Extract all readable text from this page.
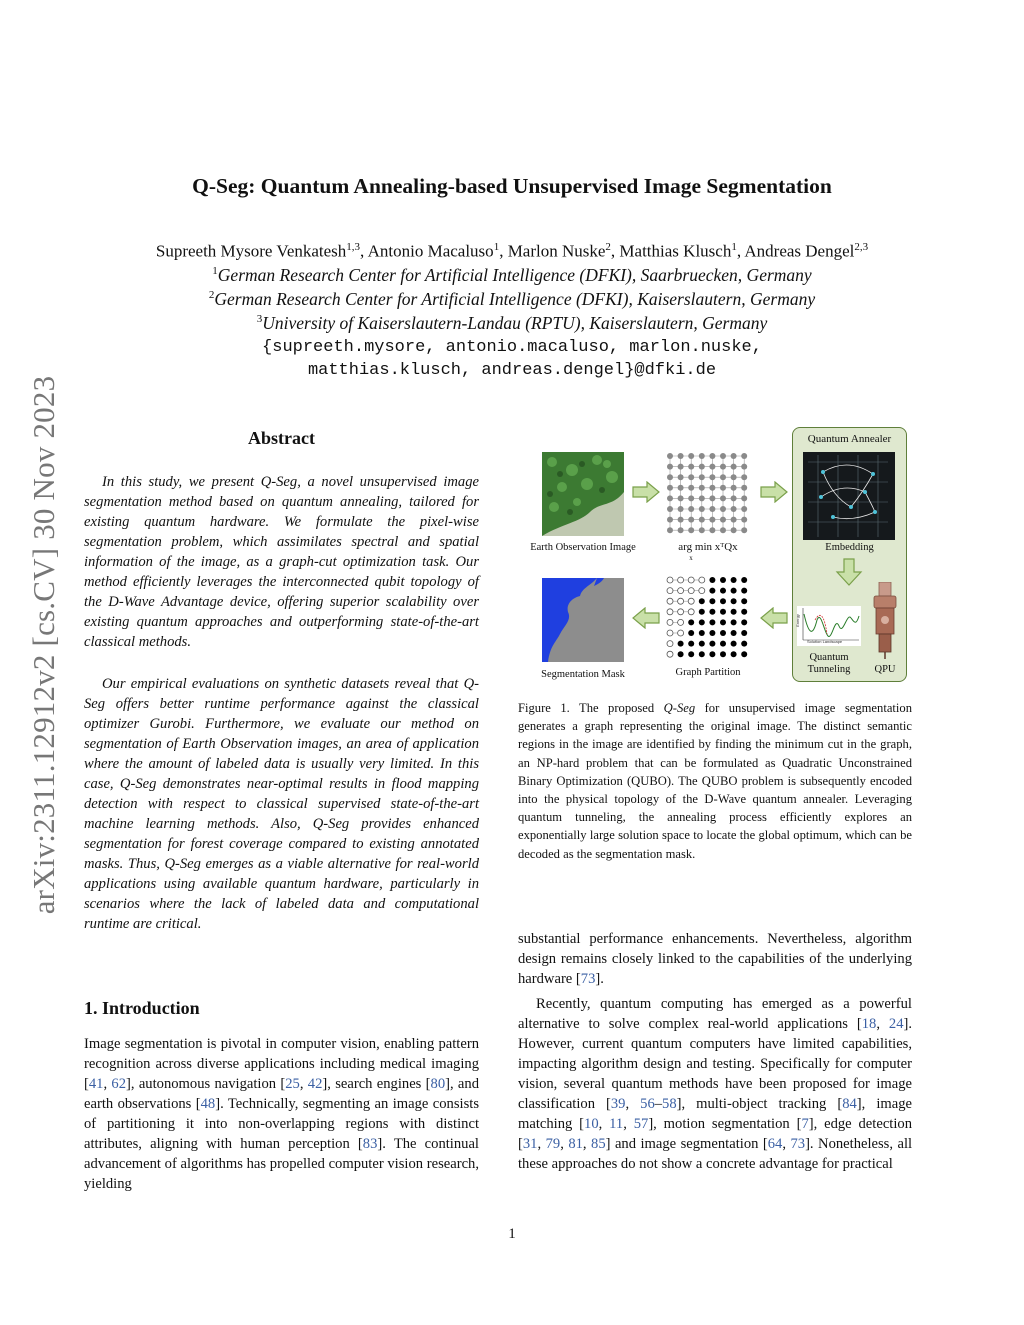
arXiv:2311.12912v2 [cs.CV] 30 Nov 2023
Q-Seg: Quantum Annealing-based Unsupervised Image Segmentation
Supreeth Mysore Venkatesh$^{1,3}$, Antonio Macaluso$^1$, Marlon Nuske$^2$, Matthias Klusch$^1$, Andreas Dengel$^{2,3}$
$^1$German Research Center for Artificial Intelligence (DFKI), Saarbruecken, Germany
$^2$German Research Center for Artificial Intelligence (DFKI), Kaiserslautern, Germany
$^3$University of Kaiserslautern-Landau (RPTU), Kaiserslautern, Germany
{supreeth.mysore, antonio.macaluso, marlon.nuske,
matthias.klusch, andreas.dengel}@dfki.de
Abstract
In this study, we present Q-Seg, a novel unsupervised image segmentation method based on quantum annealing, tailored for existing quantum hardware. We formulate the pixel-wise segmentation problem, which assimilates spectral and spatial information of the image, as a graph-cut optimization task. Our method efficiently leverages the interconnected qubit topology of the D-Wave Advantage device, offering superior scalability over existing quantum approaches and outperforming state-of-the-art classical methods.
Our empirical evaluations on synthetic datasets reveal that Q-Seg offers better runtime performance against the classical optimizer Gurobi. Furthermore, we evaluate our method on segmentation of Earth Observation images, an area of application where the amount of labeled data is usually very limited. In this case, Q-Seg demonstrates near-optimal results in flood mapping detection with respect to classical supervised state-of-the-art machine learning methods. Also, Q-Seg provides enhanced segmentation for forest coverage compared to existing annotated masks. Thus, Q-Seg emerges as a viable alternative for real-world applications using available quantum hardware, particularly in scenarios where the lack of labeled data and computational runtime are critical.
1. Introduction
Image segmentation is pivotal in computer vision, enabling pattern recognition across diverse applications including medical imaging [41, 62], autonomous navigation [25, 42], search engines [80], and earth observations [48]. Technically, segmenting an image consists of partitioning it into non-overlapping regions with distinct attributes, aligning with human perception [83]. The continual advancement of algorithms has propelled computer vision research, yielding
Quantum Annealer
Embedding
Solution Landscape
Energy
Quantum
Tunneling	QPU
Earth Observation Image	arg min xᵀQx
x
Segmentation Mask	Graph Partition
Figure 1. The proposed Q-Seg for unsupervised image segmentation generates a graph representing the original image. The distinct semantic regions in the image are identified by finding the minimum cut in the graph, an NP-hard problem that can be formulated as Quadratic Unconstrained Binary Optimization (QUBO). The QUBO problem is subsequently encoded into the physical topology of the D-Wave quantum annealer. Leveraging quantum tunneling, the annealing process efficiently explores an exponentially large solution space to locate the global optimum, which can be decoded as the segmentation mask.
substantial performance enhancements. Nevertheless, algorithm design remains closely linked to the capabilities of the underlying hardware [73].
Recently, quantum computing has emerged as a powerful alternative to solve complex real-world applications [18, 24]. However, current quantum computers have limited capabilities, impacting algorithm design and testing. Specifically for computer vision, several quantum methods have been proposed for image classification [39, 56–58], multi-object tracking [84], image matching [10, 11, 57], motion segmentation [7], edge detection [31, 79, 81, 85] and image segmentation [64, 73]. Nonetheless, all these approaches do not show a concrete advantage for practical
1
